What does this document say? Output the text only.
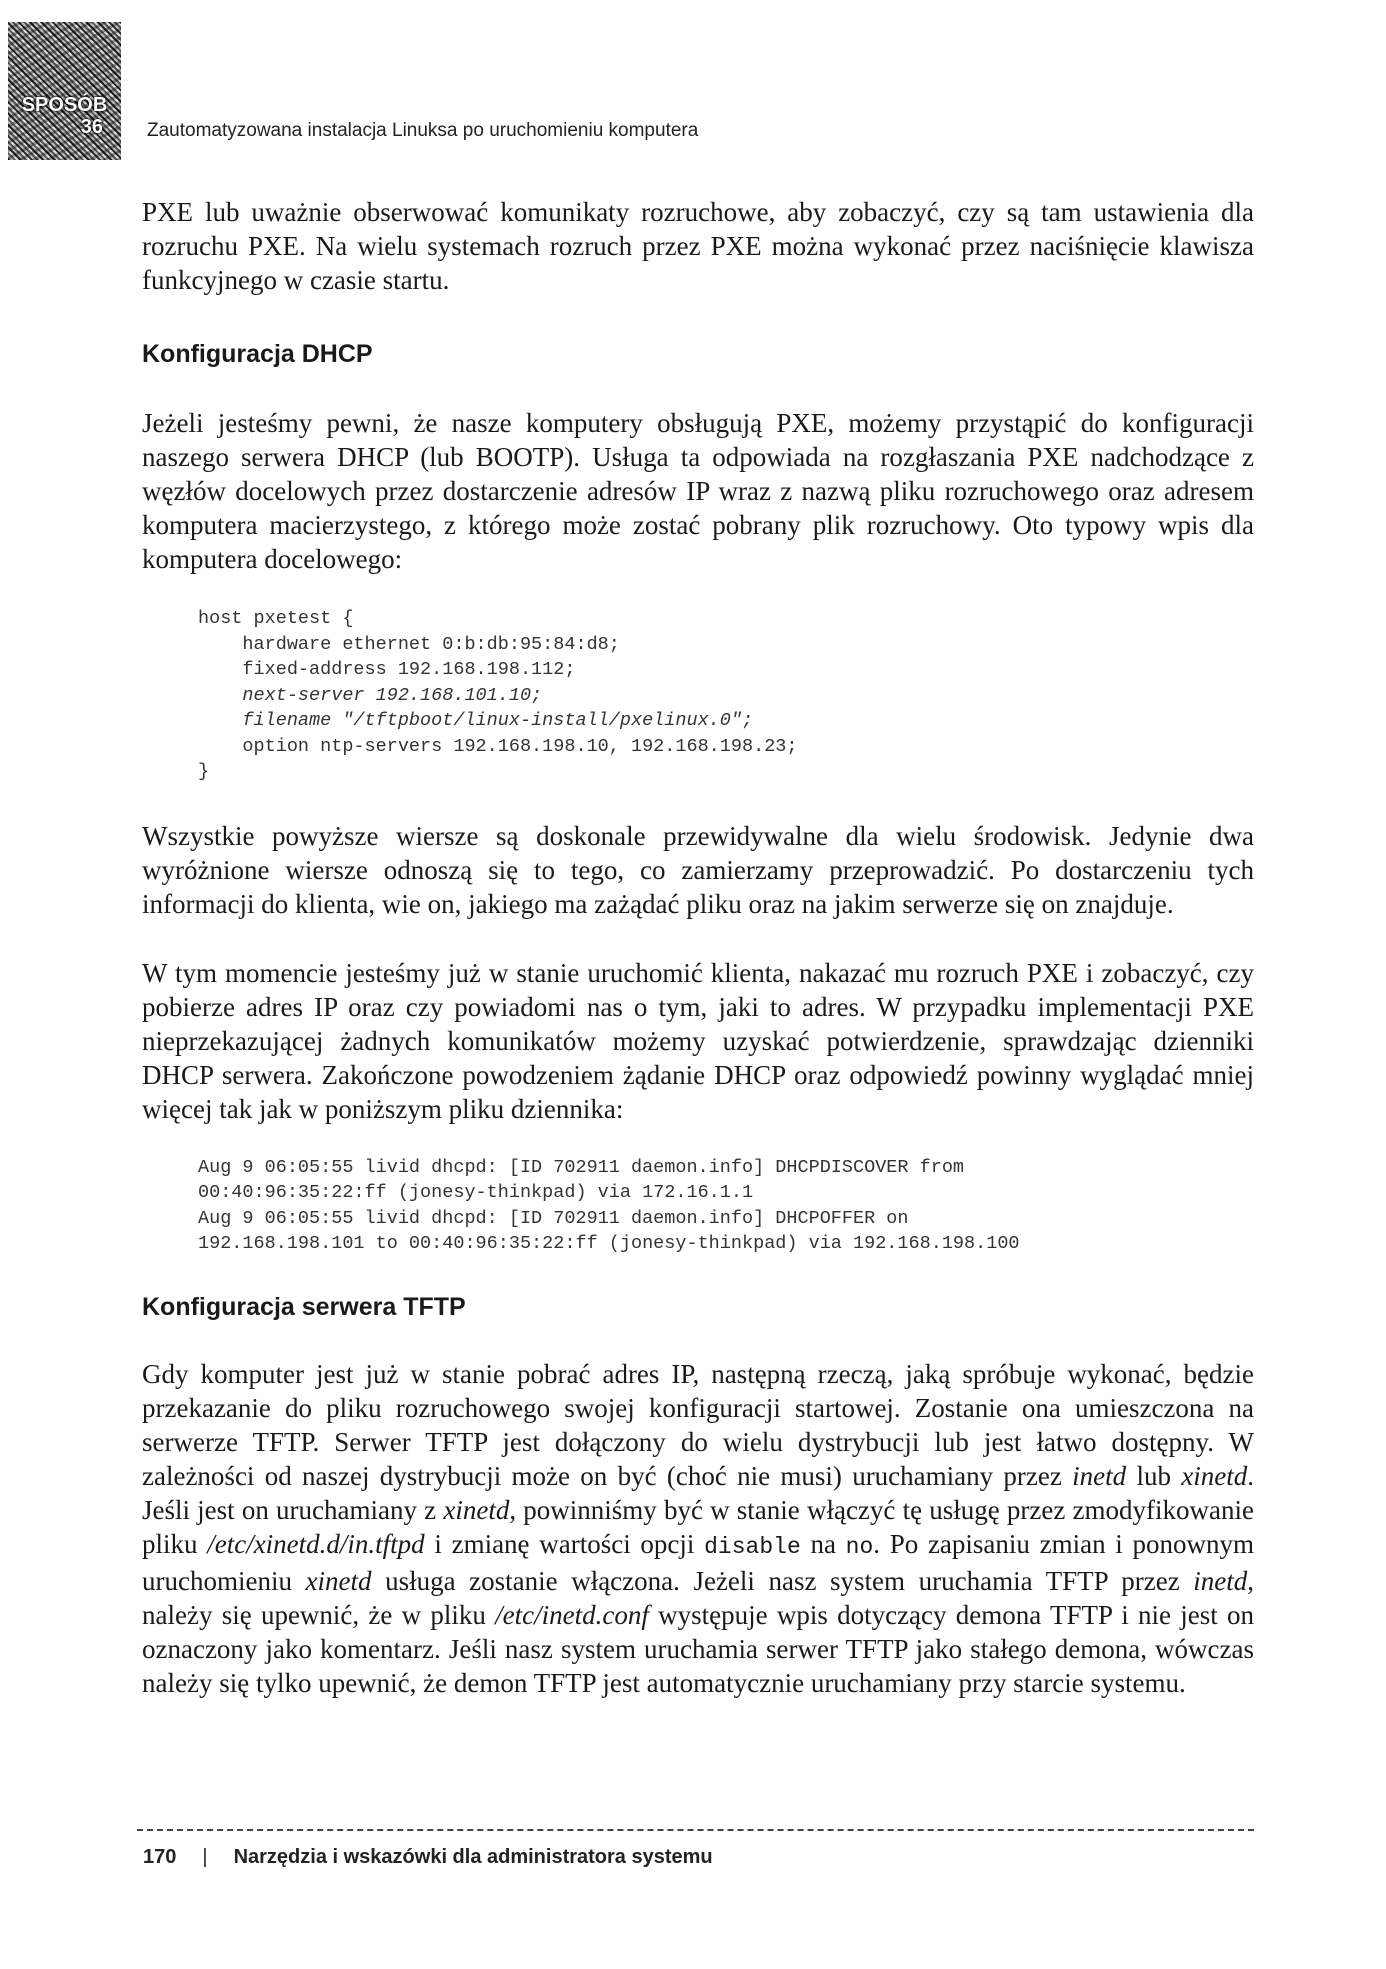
SPOSÓB
36	Zautomatyzowana instalacja Linuksa po uruchomieniu komputera

PXE lub uważnie obserwować komunikaty rozruchowe, aby zobaczyć, czy są tam ustawienia dla rozruchu PXE. Na wielu systemach rozruch przez PXE można wykonać przez naciśnięcie klawisza funkcyjnego w czasie startu.

Konfiguracja DHCP

Jeżeli jesteśmy pewni, że nasze komputery obsługują PXE, możemy przystąpić do konfiguracji naszego serwera DHCP (lub BOOTP). Usługa ta odpowiada na rozgłaszania PXE nadchodzące z węzłów docelowych przez dostarczenie adresów IP wraz z nazwą pliku rozruchowego oraz adresem komputera macierzystego, z którego może zostać pobrany plik rozruchowy. Oto typowy wpis dla komputera docelowego:

host pxetest {
hardware ethernet 0:b:db:95:84:d8;
fixed-address 192.168.198.112;
next-server 192.168.101.10;
filename "/tftpboot/linux-install/pxelinux.0";
option ntp-servers 192.168.198.10, 192.168.198.23;
}

Wszystkie powyższe wiersze są doskonale przewidywalne dla wielu środowisk. Jedynie dwa wyróżnione wiersze odnoszą się to tego, co zamierzamy przeprowadzić. Po dostarczeniu tych informacji do klienta, wie on, jakiego ma zażądać pliku oraz na jakim serwerze się on znajduje.

W tym momencie jesteśmy już w stanie uruchomić klienta, nakazać mu rozruch PXE i zobaczyć, czy pobierze adres IP oraz czy powiadomi nas o tym, jaki to adres. W przypadku implementacji PXE nieprzekazującej żadnych komunikatów możemy uzyskać potwierdzenie, sprawdzając dzienniki DHCP serwera. Zakończone powodzeniem żądanie DHCP oraz odpowiedź powinny wyglądać mniej więcej tak jak w poniższym pliku dziennika:

Aug 9 06:05:55 livid dhcpd: [ID 702911 daemon.info] DHCPDISCOVER from
00:40:96:35:22:ff (jonesy-thinkpad) via 172.16.1.1
Aug 9 06:05:55 livid dhcpd: [ID 702911 daemon.info] DHCPOFFER on
192.168.198.101 to 00:40:96:35:22:ff (jonesy-thinkpad) via 192.168.198.100
Konfiguracja serwera TFTP

Gdy komputer jest już w stanie pobrać adres IP, następną rzeczą, jaką spróbuje wykonać, będzie przekazanie do pliku rozruchowego swojej konfiguracji startowej. Zostanie ona umieszczona na serwerze TFTP. Serwer TFTP jest dołączony do wielu dystrybucji lub jest łatwo dostępny. W zależności od naszej dystrybucji może on być (choć nie musi) uruchamiany przez inetd lub xinetd. Jeśli jest on uruchamiany z xinetd, powinniśmy być w stanie włączyć tę usługę przez zmodyfikowanie pliku /etc/xinetd.d/in.tftpd i zmianę wartości opcji disable na no. Po zapisaniu zmian i ponownym uruchomieniu xinetd usługa zostanie włączona. Jeżeli nasz system uruchamia TFTP przez inetd, należy się upewnić, że w pliku /etc/inetd.conf występuje wpis dotyczący demona TFTP i nie jest on oznaczony jako komentarz. Jeśli nasz system uruchamia serwer TFTP jako stałego demona, wówczas należy się tylko upewnić, że demon TFTP jest automatycznie uruchamiany przy starcie systemu.

170 | Narzędzia i wskazówki dla administratora systemu
